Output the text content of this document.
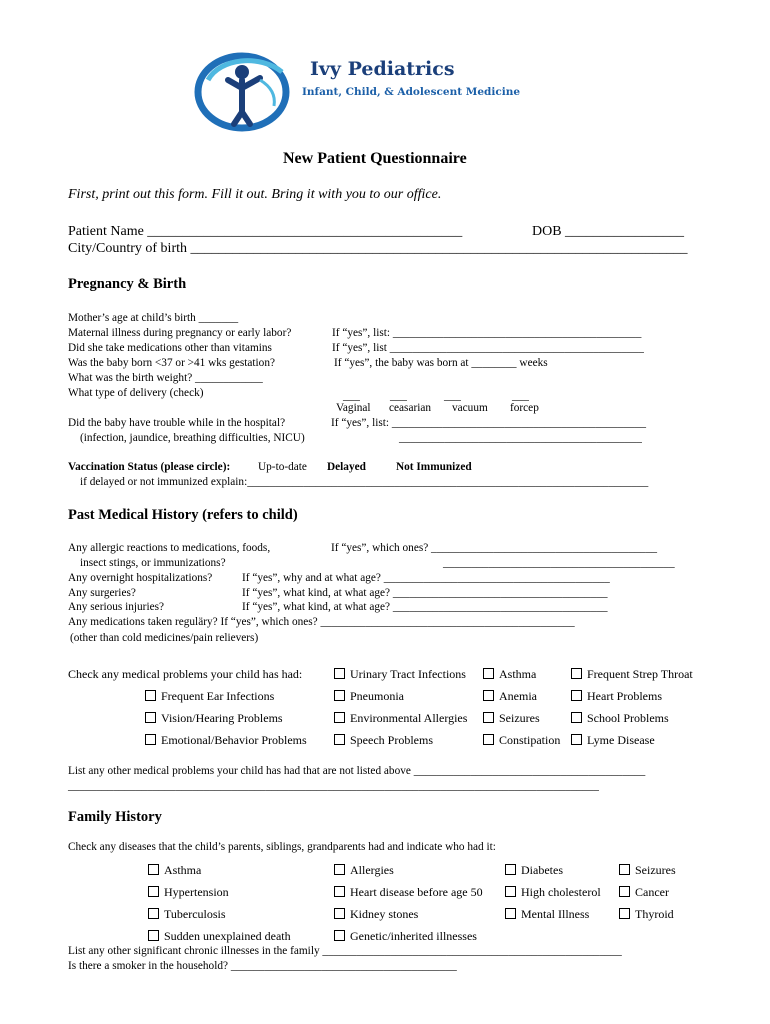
Ivy Pediatrics
Infant, Child, & Adolescent Medicine
New Patient Questionnaire
First, print out this form. Fill it out. Bring it with you to our office.
Patient Name _____________________________________________	DOB _________________
City/Country of birth _______________________________________________________________________
Pregnancy & Birth
Mother’s age at child’s birth _______
Maternal illness during pregnancy or early labor?	If “yes”, list: ____________________________________________
Did she take medications other than vitamins	If “yes”, list _____________________________________________
Was the baby born <37 or >41 wks gestation?	If “yes”, the baby was born at ________ weeks
What was the birth weight? ____________
What type of delivery (check)	___	___	___	___
Vaginal ceasarian vacuum forcep
Did the baby have trouble while in the hospital?	If “yes”, list: _____________________________________________
(infection, jaundice, breathing difficulties, NICU)	___________________________________________
Vaccination Status (please circle): Up-to-date Delayed	Not Immunized
if delayed or not immunized explain:_______________________________________________________________________
Past Medical History (refers to child)
Any allergic reactions to medications, foods,	If “yes”, which ones? ________________________________________
insect stings, or immunizations?	_________________________________________
Any overnight hospitalizations?	If “yes”, why and at what age? ________________________________________
Any surgeries?	If “yes”, what kind, at what age? ______________________________________
Any serious injuries?	If “yes”, what kind, at what age? ______________________________________
Any medications taken reguläry? If “yes”, which ones? _____________________________________________
(other than cold medicines/pain relievers)
Check any medical problems your child has had:	Urinary Tract Infections	Asthma	Frequent Strep Throat
Frequent Ear Infections	Pneumonia	Anemia	Heart Problems
Vision/Hearing Problems	Environmental Allergies	Seizures	School Problems
Emotional/Behavior Problems	Speech Problems	Constipation	Lyme Disease
List any other medical problems your child has had that are not listed above _________________________________________
______________________________________________________________________________________________
Family History
Check any diseases that the child’s parents, siblings, grandparents had and indicate who had it:
Asthma	Allergies	Diabetes	Seizures
Hypertension	Heart disease before age 50	High cholesterol	Cancer
Tuberculosis	Kidney stones	Mental Illness	Thyroid
Sudden unexplained death	Genetic/inherited illnesses
List any other significant chronic illnesses in the family _____________________________________________________
Is there a smoker in the household? ________________________________________
